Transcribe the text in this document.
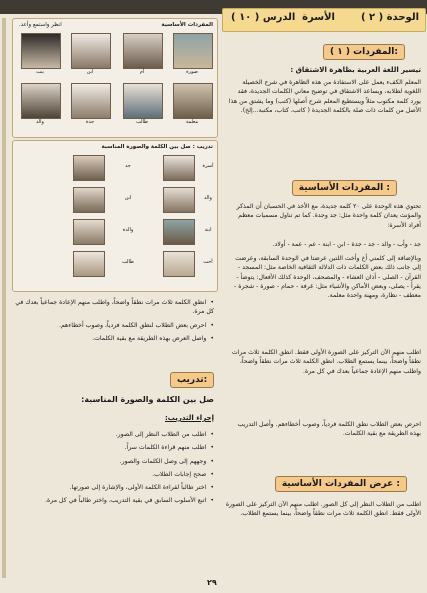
الوحدة ( ٢ )
الأسرة
الدرس ( ١٠ )
المفردات ( ١ ):
تيسير اللغة العربية بظاهرة الاشتقاق :
المعلم الكفء يعمل على الاستفادة من هذه الظاهرة في شرح الخصيلة اللغوية لطلابه، ويساعد الاشتقاق في توضيح معاني الكلمات الجديدة، فقد يورد كلمة مكتوب مثلاً ويستطيع المعلم شرح أصلها (كتب) وما يشتق من هذا الأصل من كلمات ذات صلة بالكلمة الجديدة ( كاتب، كتاب، مكتبة...إلخ).
المفردات الأساسية :
تحتوي هذه الوحدة على ٢٠ كلمة جديدة، مع الأخذ في الحسبان أن المذكر والمؤنث يعدان كلمة واحدة مثل: جد وجدة. كما تم تناول مسميات معظم أفراد الأسرة:
جد - وأب - والد - جد - جدة - ابن - ابنة - عم - عمة - أولاد.
وبالإضافة إلى كلمتي أخ وأخت اللتين عرضتا في الوحدة السابقة، وعرضت إلى جانب ذلك بعض الكلمات ذات الدلالة الثقافية الخاصة مثل: المسجد - القرآن - الصلى - أذان العشاء - والمصحف، الوحدة كذلك الأفعال: يتوضأ - يقرأ - يصلى، وبعض الأماكن والأشياء مثل: غرفة - حمام - صورة - شجرة - معطف - نظارة، ومهنة واحدة معلمة.
اطلب منهم الآن التركيز على الصورة الأولى فقط. انطق الكلمة ثلاث مرات نطقاً واضحاً، بينما يستمع الطلاب. انطق الكلمة ثلاث مرات نطقاً واضحاً، واطلب منهم الإعادة جماعياً بعدك في كل مرة.
احرص بعض الطلاب نطق الكلمة فردياً، وصوب أخطاءهم. وأصل التدريب بهذه الطريقة مع بقية الكلمات.
عرض المفردات الأساسية :
اطلب من الطلاب النظر إلى كل الصور. اطلب منهم الآن التركيز على الصورة الأولى فقط. انطق الكلمة ثلاث مرات نطقاً واضحاً، بينما يستمع الطلاب.
المفردات الأساسية
انظر واستمع وأعد.
صورة
أم
ابن
بنت
معلمة
طالب
جدة
والد
تدريب : صل بين الكلمة والصورة المناسبة
أسرة
والد
ابنة
أخت
جد
ابن
والدة
طالب
• انطق الكلمة ثلاث مرات نطقاً واضحاً، واطلب منهم الإعادة جماعياً بعدك في كل مرة.
• احرص بعض الطلاب لنطق الكلمة فردياً، وصوب أخطاءهم.
• واصل العرض بهذه الطريقة مع بقية الكلمات.
تدريب:
صل بين الكلمة والصورة المناسبة:
إجراء التدريب:
• اطلب من الطلاب النظر إلى الصور.
• اطلب منهم قراءة الكلمات سراً.
• وجههم إلى وصل الكلمات والصور.
• صحح إجابات الطلاب.
• اختر طالباً لقراءة الكلمة الأولى، والإشارة إلى صورتها.
• اتبع الأسلوب السابق في بقية التدريب، واختر طالباً في كل مرة.
٢٩
